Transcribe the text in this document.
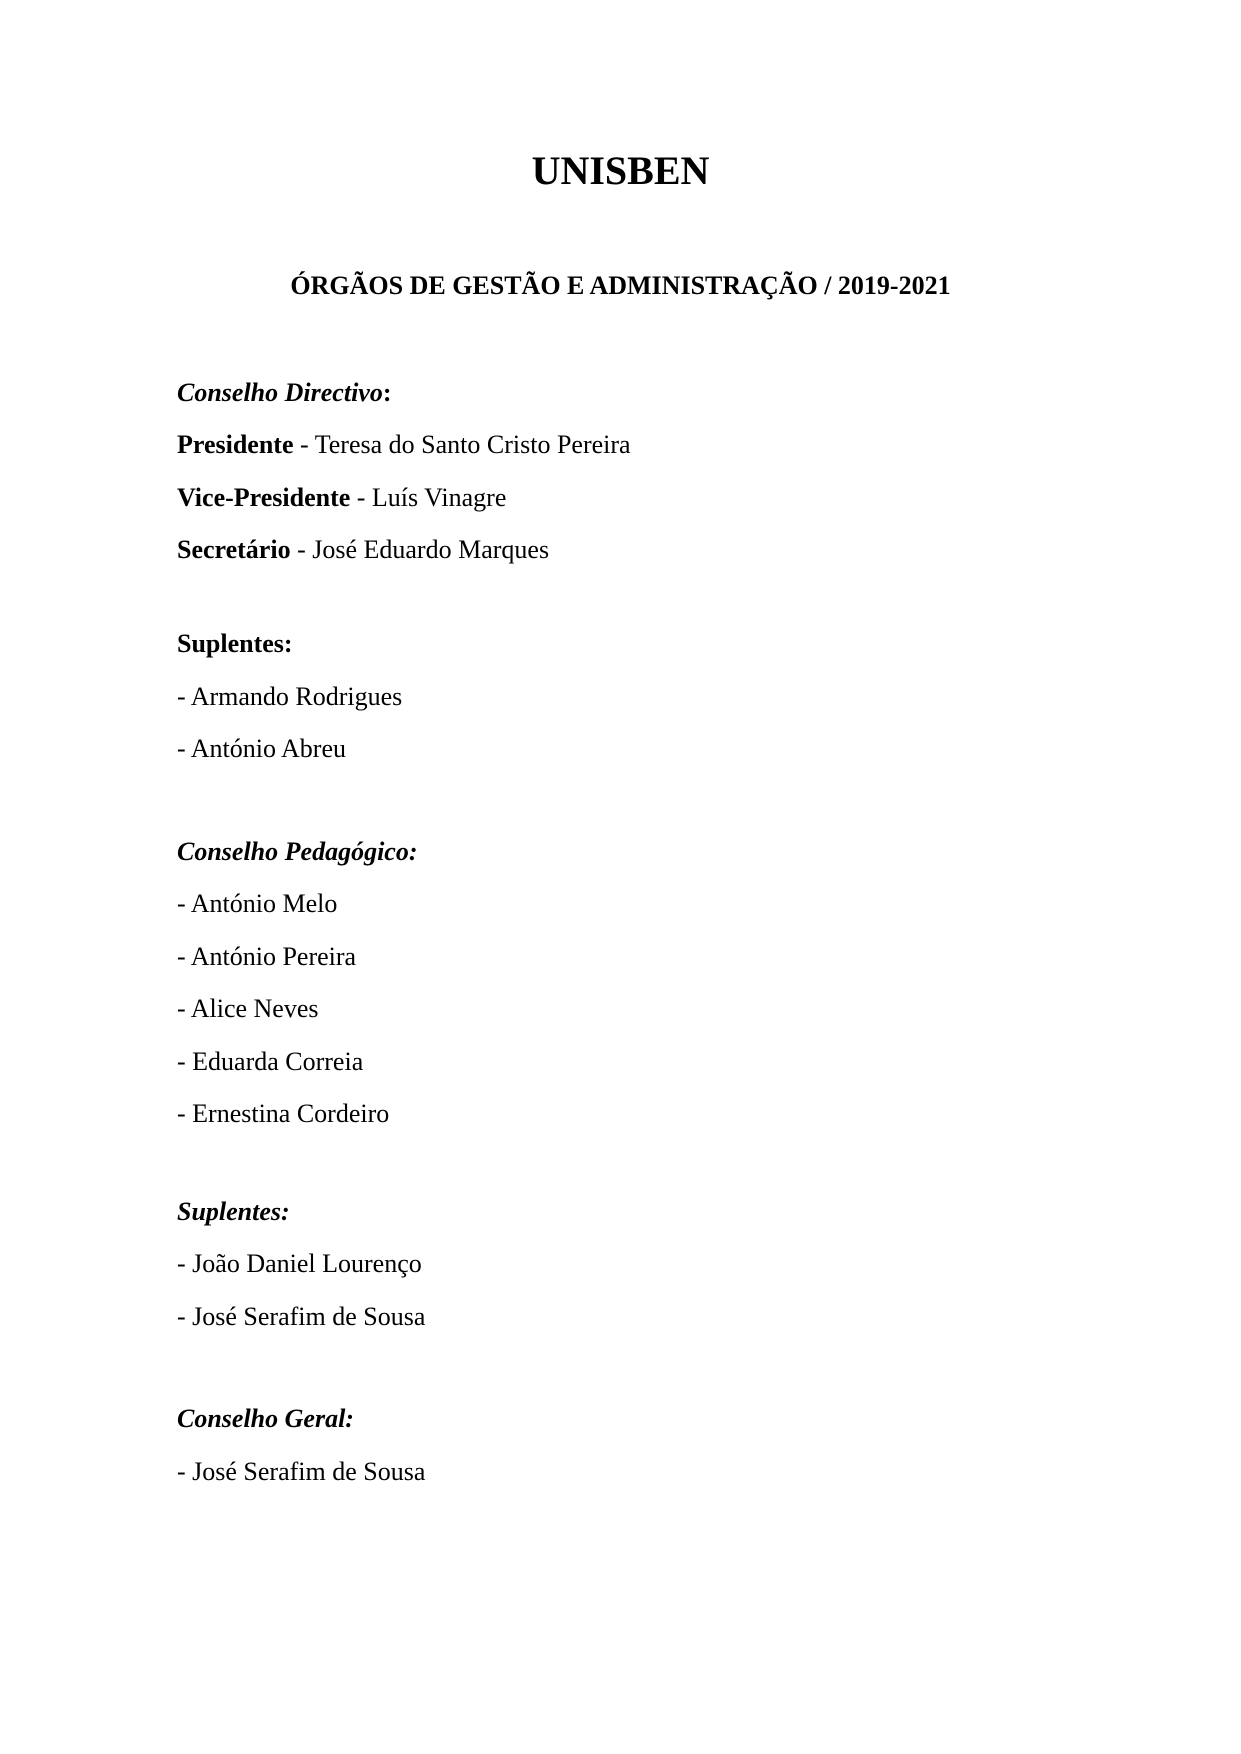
UNISBEN
ÓRGÃOS DE GESTÃO E ADMINISTRAÇÃO / 2019-2021
Conselho Directivo:
Presidente - Teresa do Santo Cristo Pereira
Vice-Presidente - Luís Vinagre
Secretário - José Eduardo Marques
Suplentes:
- Armando Rodrigues
- António Abreu
Conselho Pedagógico:
- António Melo
- António Pereira
- Alice Neves
- Eduarda Correia
- Ernestina Cordeiro
Suplentes:
- João Daniel Lourenço
- José Serafim de Sousa
Conselho Geral:
- José Serafim de Sousa
